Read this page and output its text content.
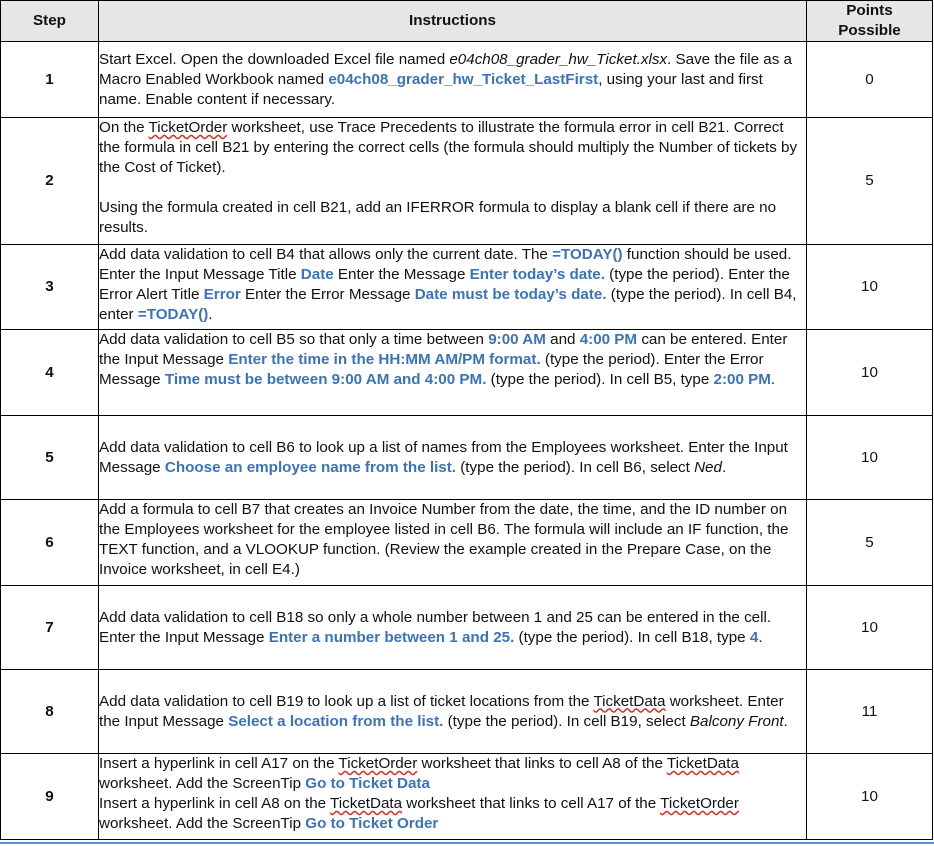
Step	Instructions	Points
Possible

1	Start Excel. Open the downloaded Excel file named e04ch08_grader_hw_Ticket.xlsx. Save the file as a Macro Enabled Workbook named e04ch08_grader_hw_Ticket_LastFirst, using your last and first name. Enable content if necessary.	0
2	On the TicketOrder worksheet, use Trace Precedents to illustrate the formula error in cell B21. Correct the formula in cell B21 by entering the correct cells (the formula should multiply the Number of tickets by the Cost of Ticket).
Using the formula created in cell B21, add an IFERROR formula to display a blank cell if there are no results.	5
3	Add data validation to cell B4 that allows only the current date. The =TODAY() function should be used. Enter the Input Message Title Date Enter the Message Enter today’s date. (type the period). Enter the Error Alert Title Error Enter the Error Message Date must be today’s date. (type the period). In cell B4, enter =TODAY().	10
4	Add data validation to cell B5 so that only a time between 9:00 AM and 4:00 PM can be entered. Enter the Input Message Enter the time in the HH:MM AM/PM format. (type the period). Enter the Error Message Time must be between 9:00 AM and 4:00 PM. (type the period). In cell B5, type 2:00 PM.	10
5	Add data validation to cell B6 to look up a list of names from the Employees worksheet. Enter the Input Message Choose an employee name from the list. (type the period). In cell B6, select Ned.	10
6	Add a formula to cell B7 that creates an Invoice Number from the date, the time, and the ID number on the Employees worksheet for the employee listed in cell B6. The formula will include an IF function, the TEXT function, and a VLOOKUP function. (Review the example created in the Prepare Case, on the Invoice worksheet, in cell E4.)	5
7	Add data validation to cell B18 so only a whole number between 1 and 25 can be entered in the cell. Enter the Input Message Enter a number between 1 and 25. (type the period). In cell B18, type 4.	10
8	Add data validation to cell B19 to look up a list of ticket locations from the TicketData worksheet. Enter the Input Message Select a location from the list. (type the period). In cell B19, select Balcony Front.	11
9	Insert a hyperlink in cell A17 on the TicketOrder worksheet that links to cell A8 of the TicketData worksheet. Add the ScreenTip Go to Ticket Data
Insert a hyperlink in cell A8 on the TicketData worksheet that links to cell A17 of the TicketOrder worksheet. Add the ScreenTip Go to Ticket Order	10
